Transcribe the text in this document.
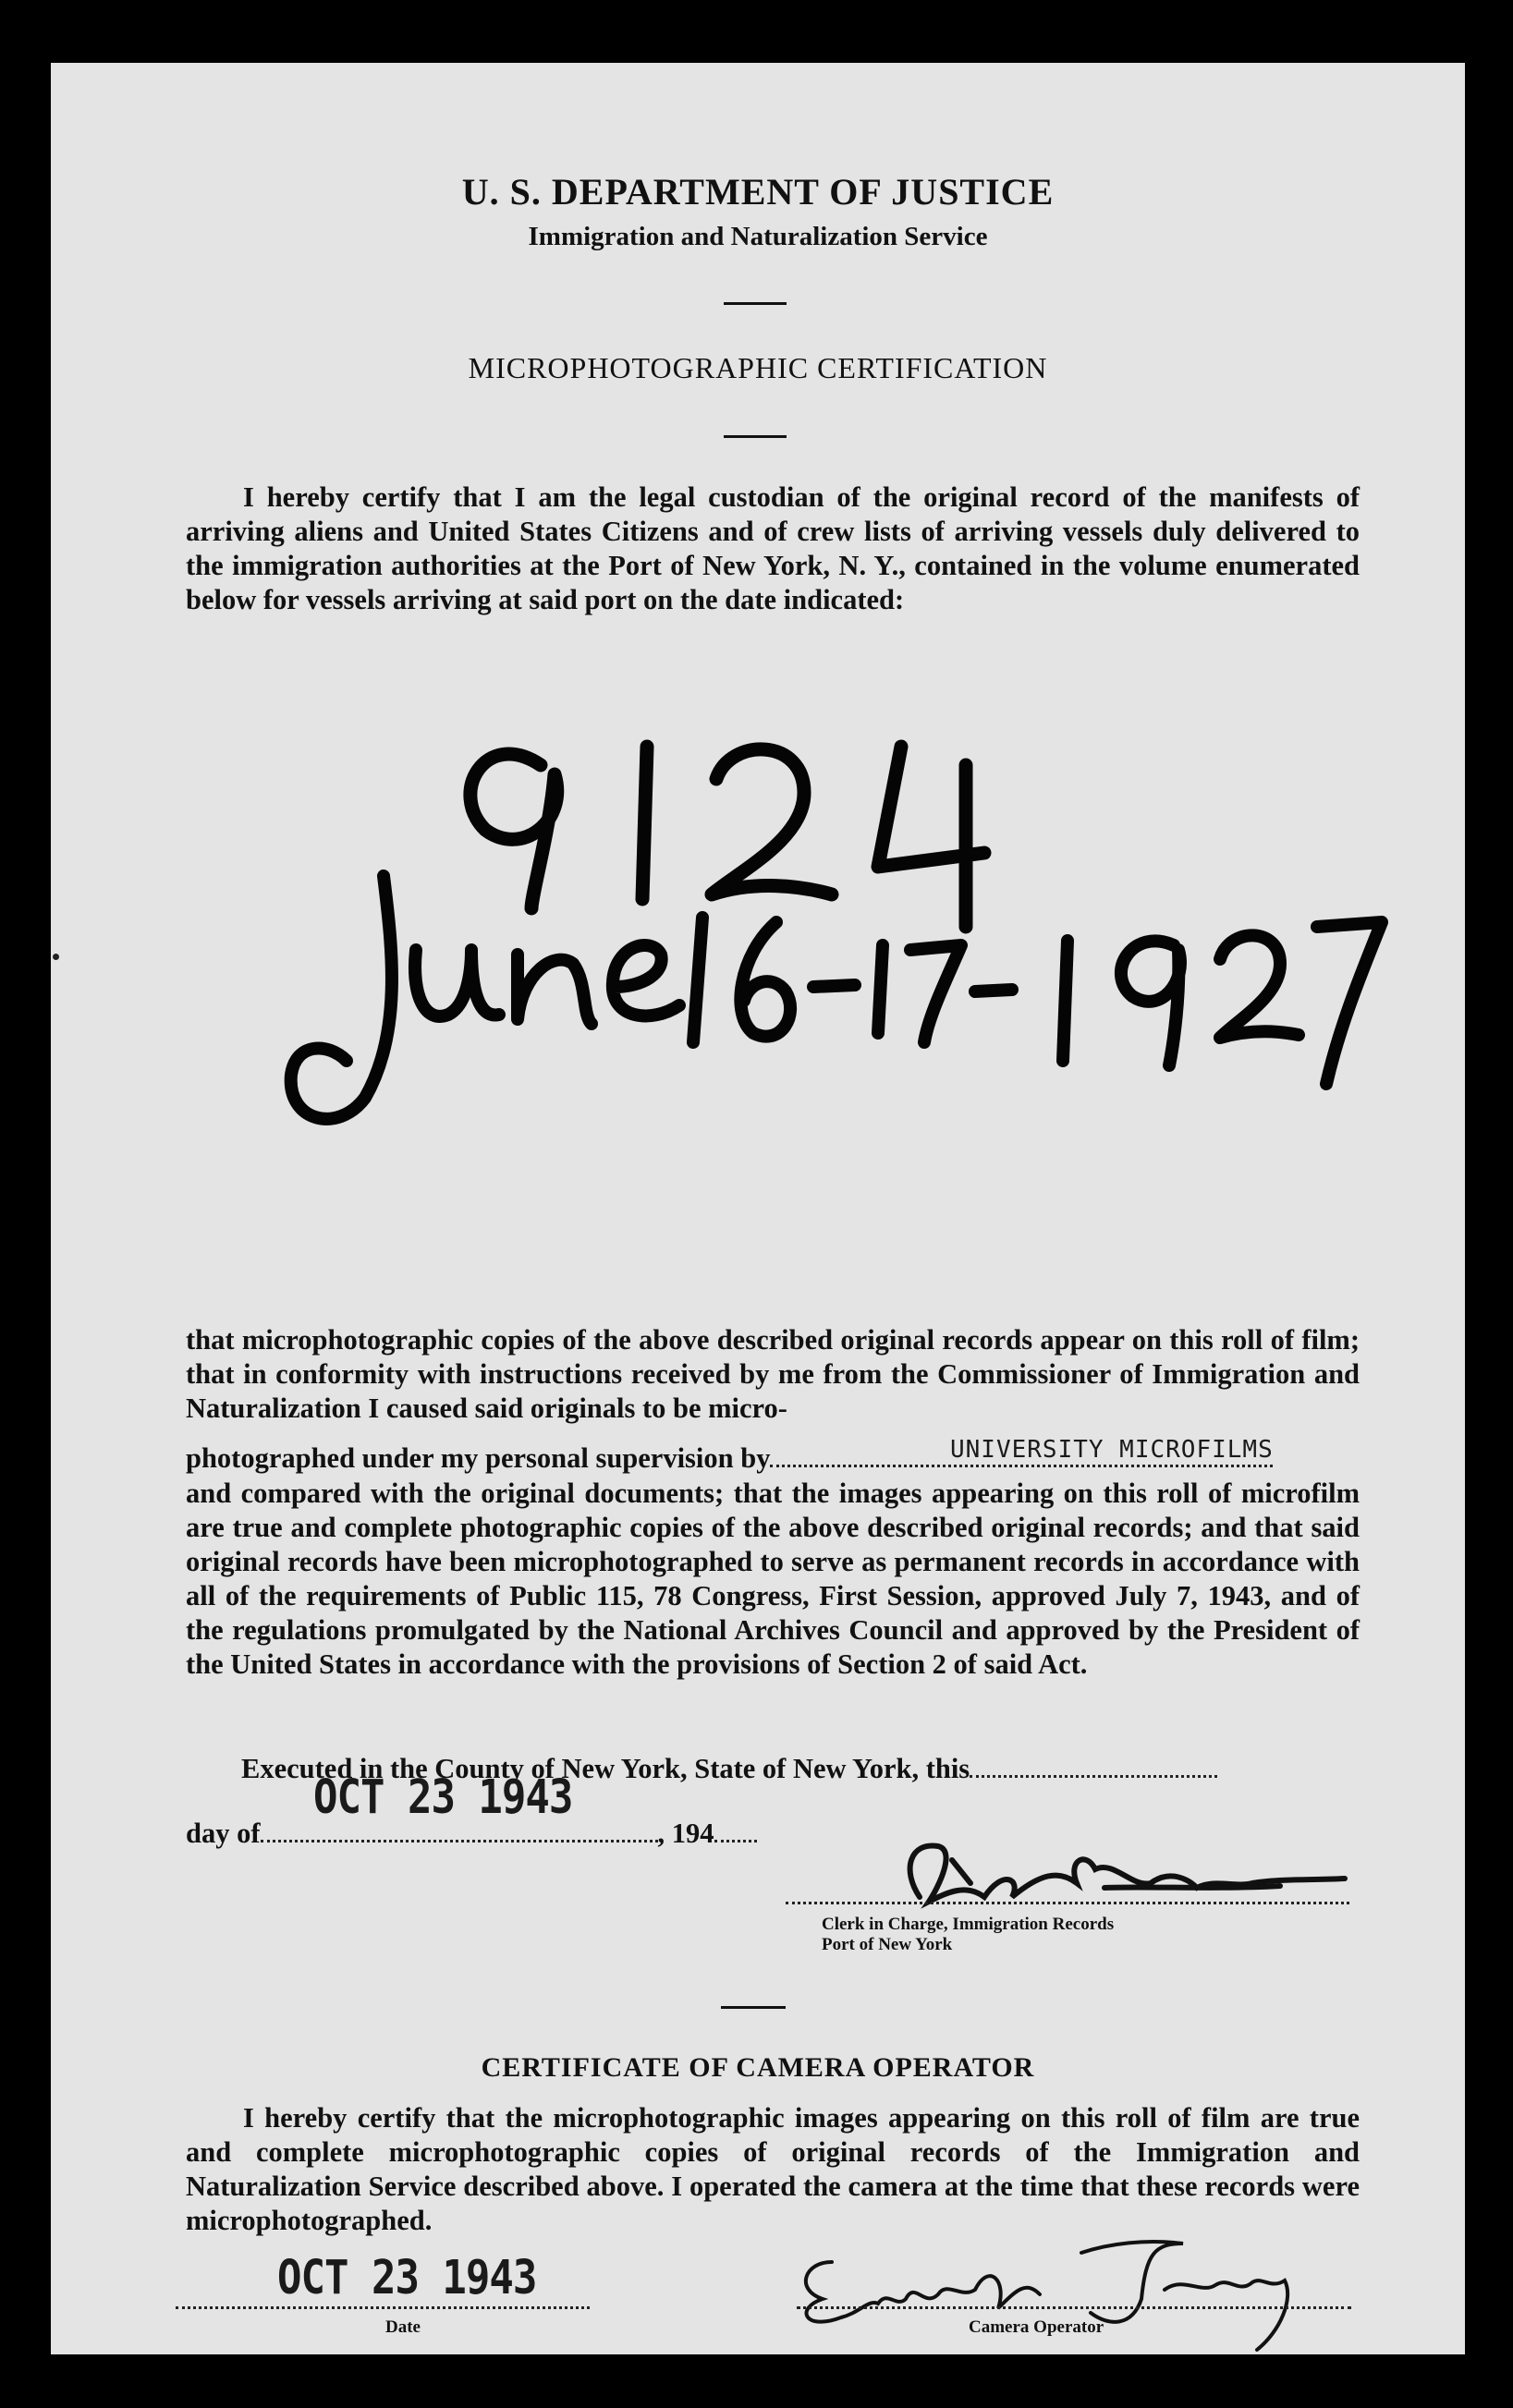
U. S. DEPARTMENT OF JUSTICE
Immigration and Naturalization Service
MICROPHOTOGRAPHIC CERTIFICATION
I hereby certify that I am the legal custodian of the original record of the manifests of arriving aliens and United States Citizens and of crew lists of arriving vessels duly delivered to the immigration authorities at the Port of New York, N. Y., contained in the volume enumerated below for vessels arriving at said port on the date indicated:
that microphotographic copies of the above described original records appear on this roll of film; that in conformity with instructions received by me from the Commissioner of Immigration and Naturalization I caused said originals to be micro-
photographed under my personal supervision by	UNIVERSITY MICROFILMS
and compared with the original documents; that the images appearing on this roll of microfilm are true and complete photographic copies of the above described original records; and that said original records have been microphotographed to serve as permanent records in accordance with all of the requirements of Public 115, 78 Congress, First Session, approved July 7, 1943, and of the regulations promulgated by the National Archives Council and approved by the President of the United States in accordance with the provisions of Section 2 of said Act.
Executed in the County of New York, State of New York, this
OCT 23 1943
day of	, 194
Clerk in Charge, Immigration Records
Port of New York
CERTIFICATE OF CAMERA OPERATOR
I hereby certify that the microphotographic images appearing on this roll of film are true and complete microphotographic copies of original records of the Immigration and Naturalization Service described above. I operated the camera at the time that these records were microphotographed.
OCT 23 1943
Date	Camera Operator
